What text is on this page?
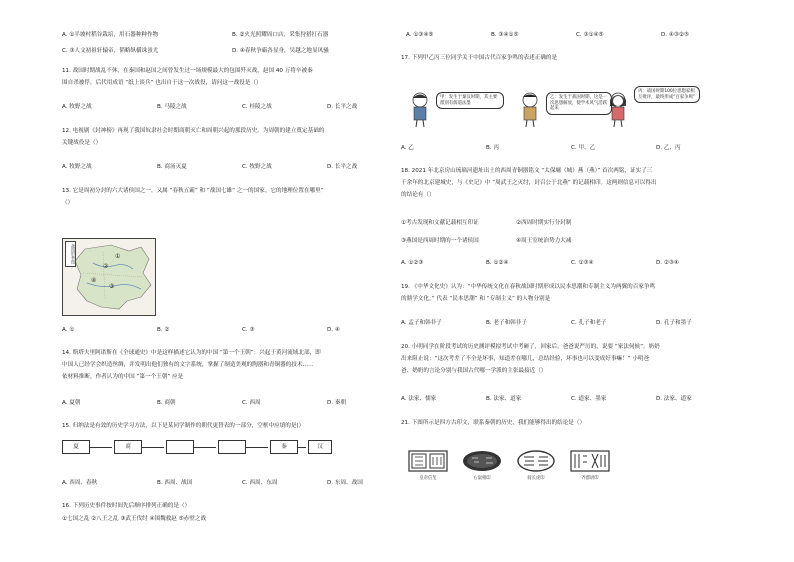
A. ①半坡村稻谷栽培，用石器种种作物	B. ②火光照耀周口店，采集狩猎打石器
C. ③人文初祖轩辕帝，韬略纵横诛蚩尤	D. ④春秋争霸各显身，吴越之地显风骚
11. 战国时期战乱不休，在秦国和赵国之间曾发生过一场规模最大的包围歼灭战，赵国 40 万将卒被秦
围自杀被俘，后代用成语 “纸上谈兵” 也出自于这一次战役，请问这一战役是（）
A. 牧野之战	B. 马陵之战	C. 桂陵之战	D. 长平之战
12. 电视剧《封神榜》再现了我国奴隶社会时期商朝灭亡和周朝兴起的那段历史。为周朝的建立奠定基础的
关键战役是（）
A. 牧野之战	B. 商汤灭夏	C. 牧野之战	D. 长平之战
13. 它是周初分封的六大诸侯国之一，又属 “春秋五霸” 和 “战国七雄” 之一的国家。它的地理位置在哪里”
（）
战国形势图	①
②
④
③
A. ①	B. ②	C. ③	D. ④
14. 斯塔夫里阿诺斯在《全球通史》中是这样描述它认为的中国 “第一个王朝”：兴起于黄河流域北部，即
中国人已经学会织造丝绸，并发明出他们独有的文字系统，掌握了制造美观的陶器和青铜器的技术……
依材料推断，作者认为的中国 “第一个王朝” 应是
A. 夏朝	B. 商朝	C. 西周	D. 秦朝
15. 归纳法是有效的历史学习方法，以下是某同学制作的朝代更替表的一部分，空框中应填的是(）
夏	商	秦	汉
A. 西周、春秋	B. 西周、战国	C. 西周、东周	D. 东周、战国
16. 下列历史事件按时间先后顺序排列正确的是（）
①七国之乱 ②八王之乱 ③武王伐纣 ④围魏救赵 ⑤赤壁之战
A. ①③④⑤	B. ③④①⑤	C. ③①④⑤	D. ④③②⑤
17. 下列甲乙丙三位同学关于中国古代百家争鸣的表述正确的是
甲：发生于秦汉时期，其主要派别有儒道法墨
乙：发生于战国时期，这是一次思想解放，使学术风气活跃起来
丙：战国时期100位思想家相互批评，最终形成“百家争鸣”
A. 乙	B. 丙	C. 甲、乙	D. 乙、丙
18. 2021 年北京房山琉璃河遗址出土的西周青铜器铭文 “太保墉（城）燕（燕）” 首次两铭，证实了三
千余年的北京建城史，与《史记》中 “周武王之灭纣，封召公于北燕” 的记载相印。这两则信息可以得出
的结论有（）
①考古发现和文献记载相互印证	②西周时期实行分封制
③燕国是西周时期的一个诸侯国	④周王室统治势力大减
A. ①②③	B. ①②④	C. ①③④	D. ②③④
19. 《中华文化史》认为：“中华传统文化在春秋战国时期形成以民本思潮和专制主义为两翼的百家争鸣
的鼎学文化。” 代表 “民本思潮” 和 “专制主义” 的人物分别是
A. 孟子和韩非子	B. 老子和韩非子	C. 孔子和老子	D. 孔子和墨子
20. 小明同学在阶段考试的历史测评模拟考试中考砸了，回家后，爸爸说严厉的，说要 “家法伺候”。奶奶
出来阻止说：“这次考差了不全是坏事，知道差在哪儿，总结经验，坏事也可以变成好事嘛！” 小明爸
爸、奶奶的言论分别与我国古代哪一学派的主张最接近（）
A. 法家、儒家	B. 法家、道家	C. 道家、墨家	D. 法家、道家
21. 下图所示是四方古印文，联系秦朝的历史，我们能够得出的结论是（）
皇帝信玺	右鼠相印	骑长虎印	齐郡尉印
